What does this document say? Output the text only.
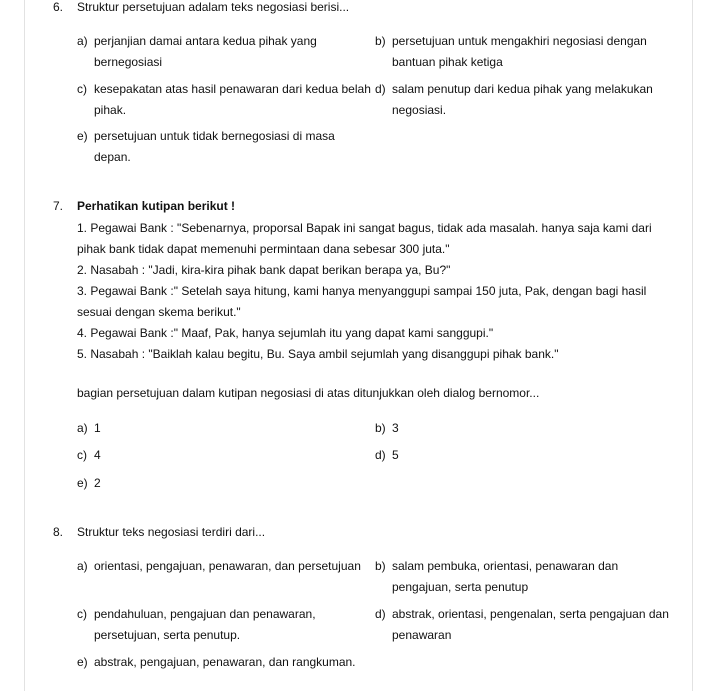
6. Struktur persetujuan adalam teks negosiasi berisi...
a) perjanjian damai antara kedua pihak yang
bernegosiasi
b) persetujuan untuk mengakhiri negosiasi dengan
bantuan pihak ketiga
c) kesepakatan atas hasil penawaran dari kedua belah
pihak.
d) salam penutup dari kedua pihak yang melakukan
negosiasi.
e) persetujuan untuk tidak bernegosiasi di masa
depan.
7. Perhatikan kutipan berikut !
1. Pegawai Bank : "Sebenarnya, proporsal Bapak ini sangat bagus, tidak ada masalah. hanya saja kami dari
pihak bank tidak dapat memenuhi permintaan dana sebesar 300 juta."
2. Nasabah : "Jadi, kira-kira pihak bank dapat berikan berapa ya, Bu?"
3. Pegawai Bank :" Setelah saya hitung, kami hanya menyanggupi sampai 150 juta, Pak, dengan bagi hasil
sesuai dengan skema berikut."
4. Pegawai Bank :" Maaf, Pak, hanya sejumlah itu yang dapat kami sanggupi."
5. Nasabah : "Baiklah kalau begitu, Bu. Saya ambil sejumlah yang disanggupi pihak bank."
bagian persetujuan dalam kutipan negosiasi di atas ditunjukkan oleh dialog bernomor...
a) 1	b) 3
c) 4	d) 5
e) 2
8. Struktur teks negosiasi terdiri dari...
a) orientasi, pengajuan, penawaran, dan persetujuan	b) salam pembuka, orientasi, penawaran dan
pengajuan, serta penutup
c) pendahuluan, pengajuan dan penawaran,
persetujuan, serta penutup.
d) abstrak, orientasi, pengenalan, serta pengajuan dan
penawaran
e) abstrak, pengajuan, penawaran, dan rangkuman.
